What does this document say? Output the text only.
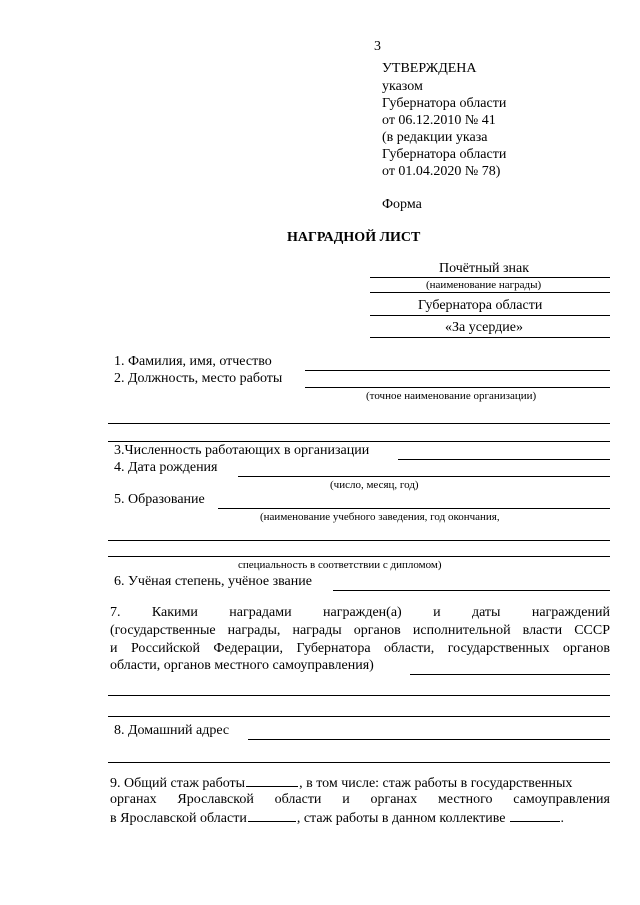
3
УТВЕРЖДЕНА
указом
Губернатора области
от 06.12.2010 № 41
(в редакции указа
Губернатора области
от 01.04.2020 № 78)
Форма
НАГРАДНОЙ ЛИСТ
Почётный знак
(наименование награды)
Губернатора области
«За усердие»
1. Фамилия, имя, отчество
2. Должность, место работы
(точное наименование организации)
3.Численность работающих в организации
4. Дата рождения
(число, месяц, год)
5. Образование
(наименование учебного заведения, год окончания,
специальность в соответствии с дипломом)
6. Учёная степень, учёное звание
7. Какими наградами награжден(а) и даты награждений
(государственные награды, награды органов исполнительной власти СССР
и Российской Федерации, Губернатора области, государственных органов
области, органов местного самоуправления)
8. Домашний адрес
9. Общий стаж работы	, в том числе: стаж работы в государственных
органах Ярославской области и органах местного самоуправления
в Ярославской области	, стаж работы в данном коллективе	.
